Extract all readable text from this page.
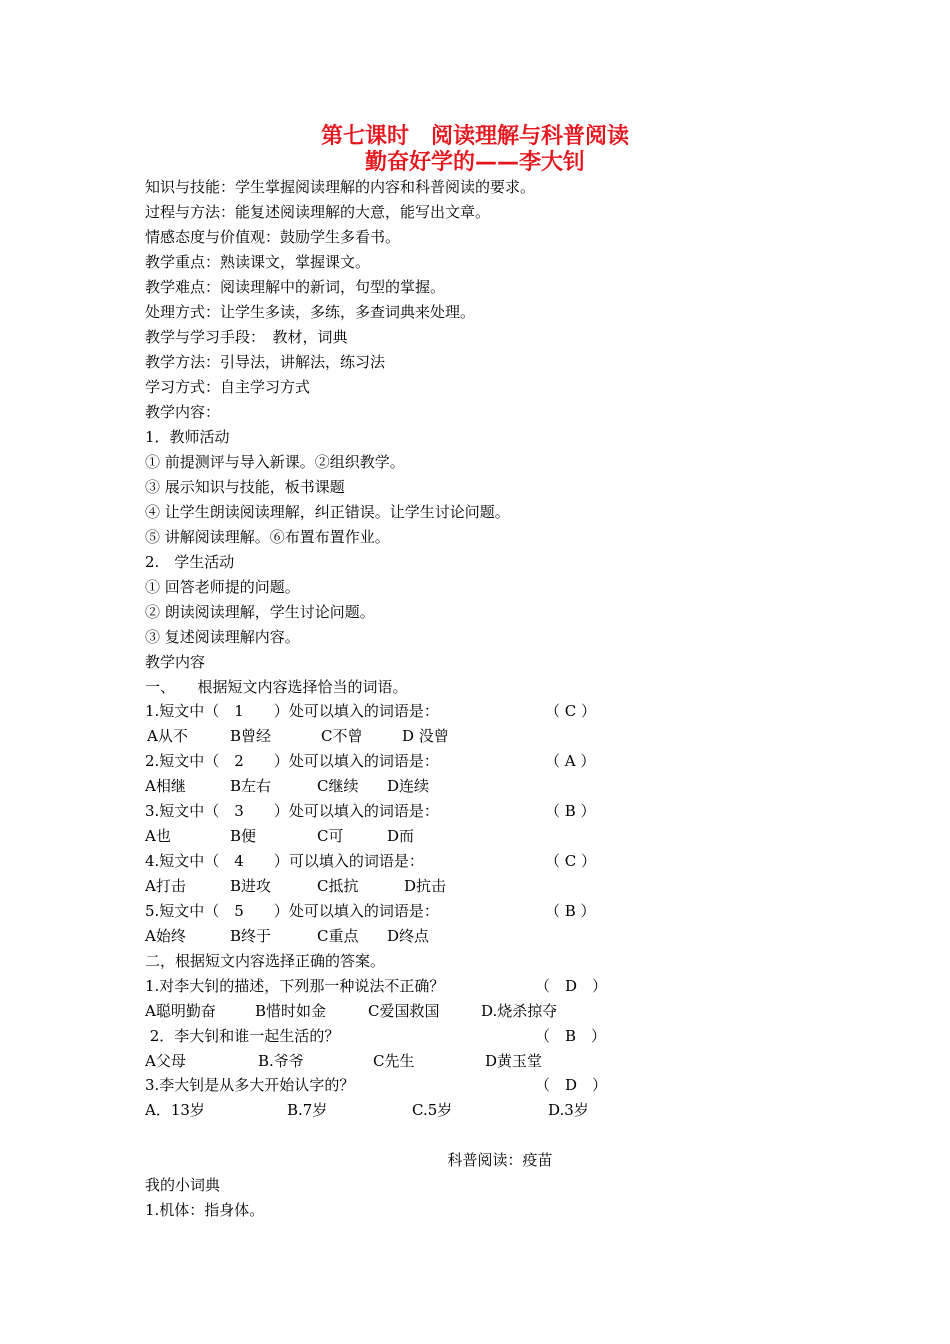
第七课时　阅读理解与科普阅读
勤奋好学的——李大钊
知识与技能：学生掌握阅读理解的内容和科普阅读的要求。
过程与方法：能复述阅读理解的大意，能写出文章。
情感态度与价值观：鼓励学生多看书。
教学重点：熟读课文，掌握课文。
教学难点：阅读理解中的新词，句型的掌握。
处理方式：让学生多读，多练，多查词典来处理。
教学与学习手段：　教材，词典
教学方法：引导法，讲解法，练习法
学习方式：自主学习方式
教学内容：
1．教师活动
① 前提测评与导入新课。②组织教学。
③ 展示知识与技能，板书课题
④ 让学生朗读阅读理解，纠正错误。让学生讨论问题。
⑤ 讲解阅读理解。⑥布置布置作业。
2.　学生活动
① 回答老师提的问题。
② 朗读阅读理解，学生讨论问题。
③ 复述阅读理解内容。
教学内容
一、　　根据短文内容选择恰当的词语。
1.短文中（　1　　）处可以填入的词语是：	（ C ）
A从不	B曾经	C不曾	D 没曾
2.短文中（　2　　）处可以填入的词语是：	（ A ）
A相继	B左右	C继续 D连续
3.短文中（　3　　）处可以填入的词语是：	（ B ）
A也	B便	C可	D而
4.短文中（　4　　）可以填入的词语是：	（ C ）
A打击	B进攻	C抵抗	D抗击
5.短文中（　5　　）处可以填入的词语是：	（ B ）
A始终	B终于	C重点 D终点
二，根据短文内容选择正确的答案。
1.对李大钊的描述，下列那一种说法不正确？	（　D　）
A聪明勤奋	B惜时如金	C爱国救国	D.烧杀掠夺
2．李大钊和谁一起生活的？	（　B　）
A父母	B.爷爷	C先生	D黄玉堂
3.李大钊是从多大开始认字的？	（　D　）
A．13岁	B.7岁	C.5岁	D.3岁
科普阅读：疫苗
我的小词典
1.机体：指身体。
